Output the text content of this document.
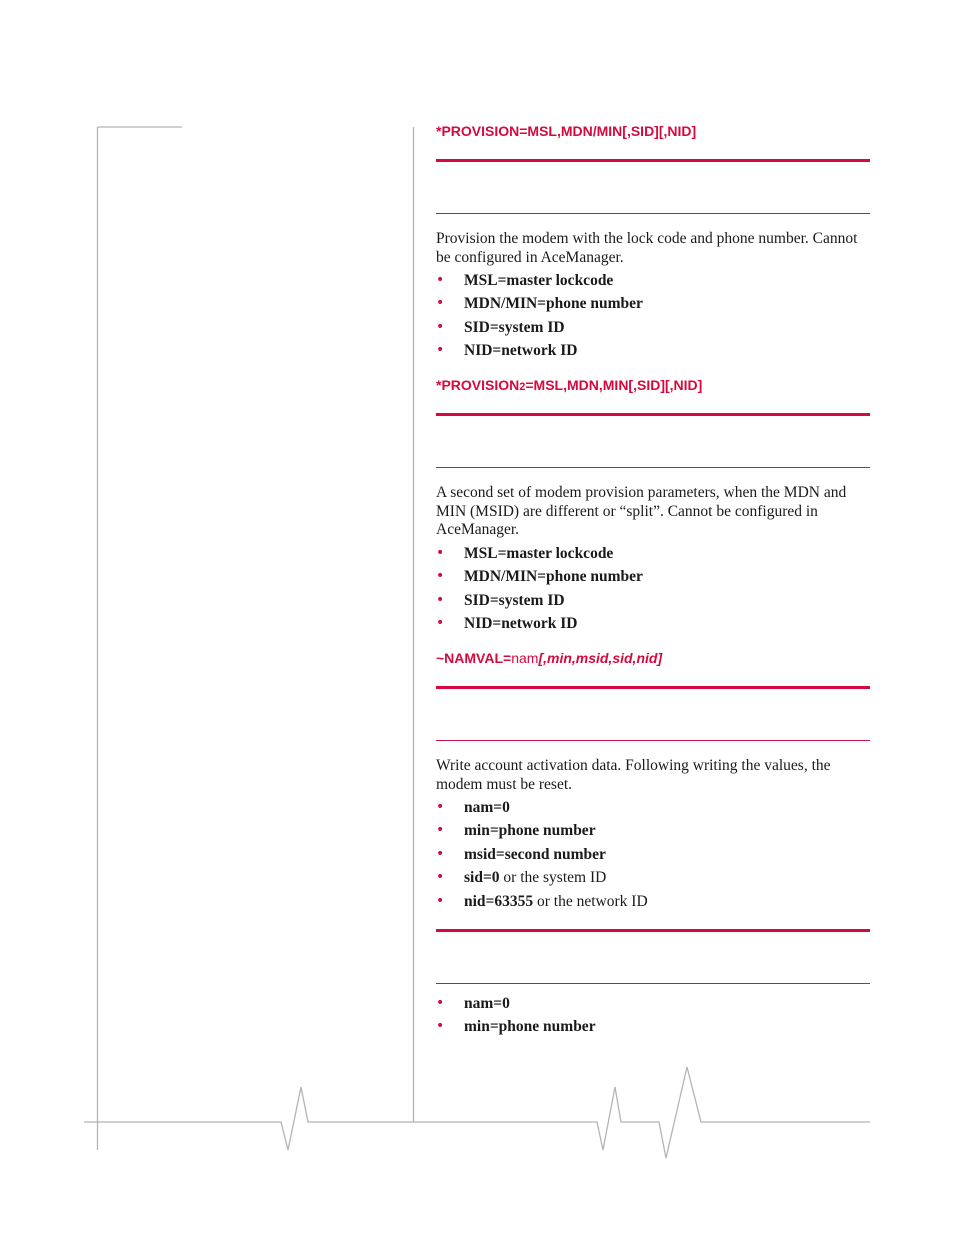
*PROVISION=MSL,MDN/MIN[,SID][,NID]

Provision the modem with the lock code and phone number. Cannot be configured in AceManager.

• MSL=master lockcode
• MDN/MIN=phone number
• SID=system ID
• NID=network ID
*PROVISION2=MSL,MDN,MIN[,SID][,NID]

A second set of modem provision parameters, when the MDN and MIN (MSID) are different or “split”. Cannot be configured in AceManager.

• MSL=master lockcode
• MDN/MIN=phone number
• SID=system ID
• NID=network ID
~NAMVAL=nam[,min,msid,sid,nid]

Write account activation data. Following writing the values, the modem must be reset.

• nam=0
• min=phone number
• msid=second number
• sid=0 or the system ID
• nid=63355 or the network ID
• nam=0
• min=phone number
